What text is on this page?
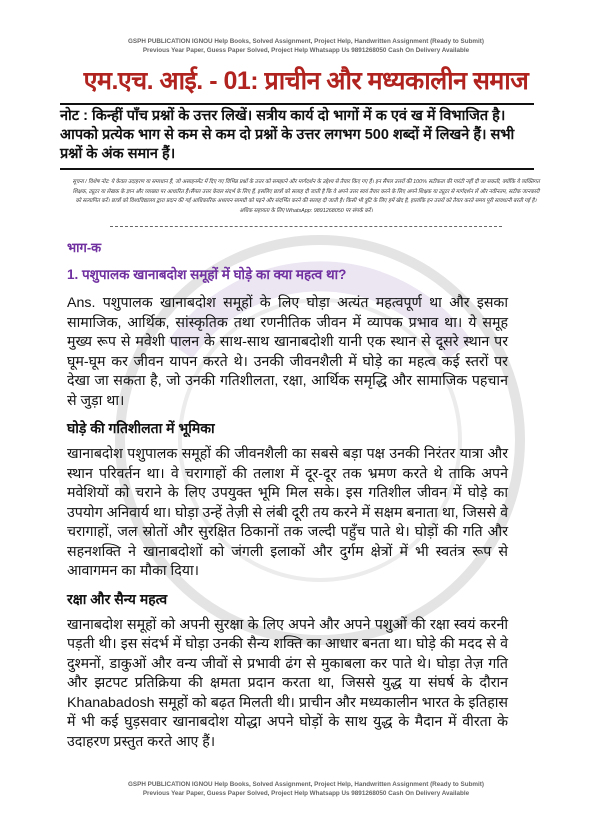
GSPH PUBLICATION IGNOU Help Books, Solved Assignment, Project Help, Handwritten Assignment (Ready to Submit)
Previous Year Paper, Guess Paper Solved, Project Help Whatsapp Us 9891268050 Cash On Delivery Available
एम.एच. आई. - 01: प्राचीन और मध्यकालीन समाज
नोट : किन्हीं पाँच प्रश्नों के उत्तर लिखें। सत्रीय कार्य दो भागों में क एवं ख में विभाजित है। आपको प्रत्येक भाग से कम से कम दो प्रश्नों के उत्तर लगभग 500 शब्दों में लिखने हैं। सभी प्रश्नों के अंक समान हैं।
सूचना / विशेष नोट: ये केवल उदाहरण या समाधान हैं, जो असाइनमेंट में दिए गए विभिन्न प्रश्नों के उत्तर को समझाने और मार्गदर्शन के उद्देश्य से तैयार किए गए हैं। इन सैंपल उत्तरों की 100% सटीकता की गारंटी नहीं दी जा सकती, क्योंकि ये व्यक्तिगत शिक्षक, ट्यूटर या लेखक के ज्ञान और व्याख्या पर आधारित हैं।सैंपल उत्तर केवल संदर्भ के लिए हैं, इसलिए छात्रों को सलाह दी जाती है कि वे अपने उत्तर स्वयं तैयार करने के लिए अपने शिक्षक या ट्यूटर से मार्गदर्शन लें और नवीनतम, सटीक जानकारी को सत्यापित करें। छात्रों को विश्वविद्यालय द्वारा प्रदान की गई आधिकारिक अध्ययन सामग्री को पढ़ने और संदर्भित करने की सलाह दी जाती है। किसी भी त्रुटि के लिए हमें खेद है, हालांकि इन उत्तरों को तैयार करते समय पूरी सावधानी बरती गई है। अधिक सहायता के लिए WhatsApp: 9891268050 पर संपर्क करें।
भाग-क
1. पशुपालक खानाबदोश समूहों में घोड़े का क्या महत्व था?
Ans. पशुपालक खानाबदोश समूहों के लिए घोड़ा अत्यंत महत्वपूर्ण था और इसका सामाजिक, आर्थिक, सांस्कृतिक तथा रणनीतिक जीवन में व्यापक प्रभाव था। ये समूह मुख्य रूप से मवेशी पालन के साथ-साथ खानाबदोशी यानी एक स्थान से दूसरे स्थान पर घूम-घूम कर जीवन यापन करते थे। उनकी जीवनशैली में घोड़े का महत्व कई स्तरों पर देखा जा सकता है, जो उनकी गतिशीलता, रक्षा, आर्थिक समृद्धि और सामाजिक पहचान से जुड़ा था।
घोड़े की गतिशीलता में भूमिका
खानाबदोश पशुपालक समूहों की जीवनशैली का सबसे बड़ा पक्ष उनकी निरंतर यात्रा और स्थान परिवर्तन था। वे चरागाहों की तलाश में दूर-दूर तक भ्रमण करते थे ताकि अपने मवेशियों को चराने के लिए उपयुक्त भूमि मिल सके। इस गतिशील जीवन में घोड़े का उपयोग अनिवार्य था। घोड़ा उन्हें तेज़ी से लंबी दूरी तय करने में सक्षम बनाता था, जिससे वे चरागाहों, जल स्रोतों और सुरक्षित ठिकानों तक जल्दी पहुँच पाते थे। घोड़ों की गति और सहनशक्ति ने खानाबदोशों को जंगली इलाकों और दुर्गम क्षेत्रों में भी स्वतंत्र रूप से आवागमन का मौका दिया।
रक्षा और सैन्य महत्व
खानाबदोश समूहों को अपनी सुरक्षा के लिए अपने और अपने पशुओं की रक्षा स्वयं करनी पड़ती थी। इस संदर्भ में घोड़ा उनकी सैन्य शक्ति का आधार बनता था। घोड़े की मदद से वे दुश्मनों, डाकुओं और वन्य जीवों से प्रभावी ढंग से मुकाबला कर पाते थे। घोड़ा तेज़ गति और झटपट प्रतिक्रिया की क्षमता प्रदान करता था, जिससे युद्ध या संघर्ष के दौरान Khanabadosh समूहों को बढ़त मिलती थी। प्राचीन और मध्यकालीन भारत के इतिहास में भी कई घुड़सवार खानाबदोश योद्धा अपने घोड़ों के साथ युद्ध के मैदान में वीरता के उदाहरण प्रस्तुत करते आए हैं।
GSPH PUBLICATION IGNOU Help Books, Solved Assignment, Project Help, Handwritten Assignment (Ready to Submit)
Previous Year Paper, Guess Paper Solved, Project Help Whatsapp Us 9891268050 Cash On Delivery Available
